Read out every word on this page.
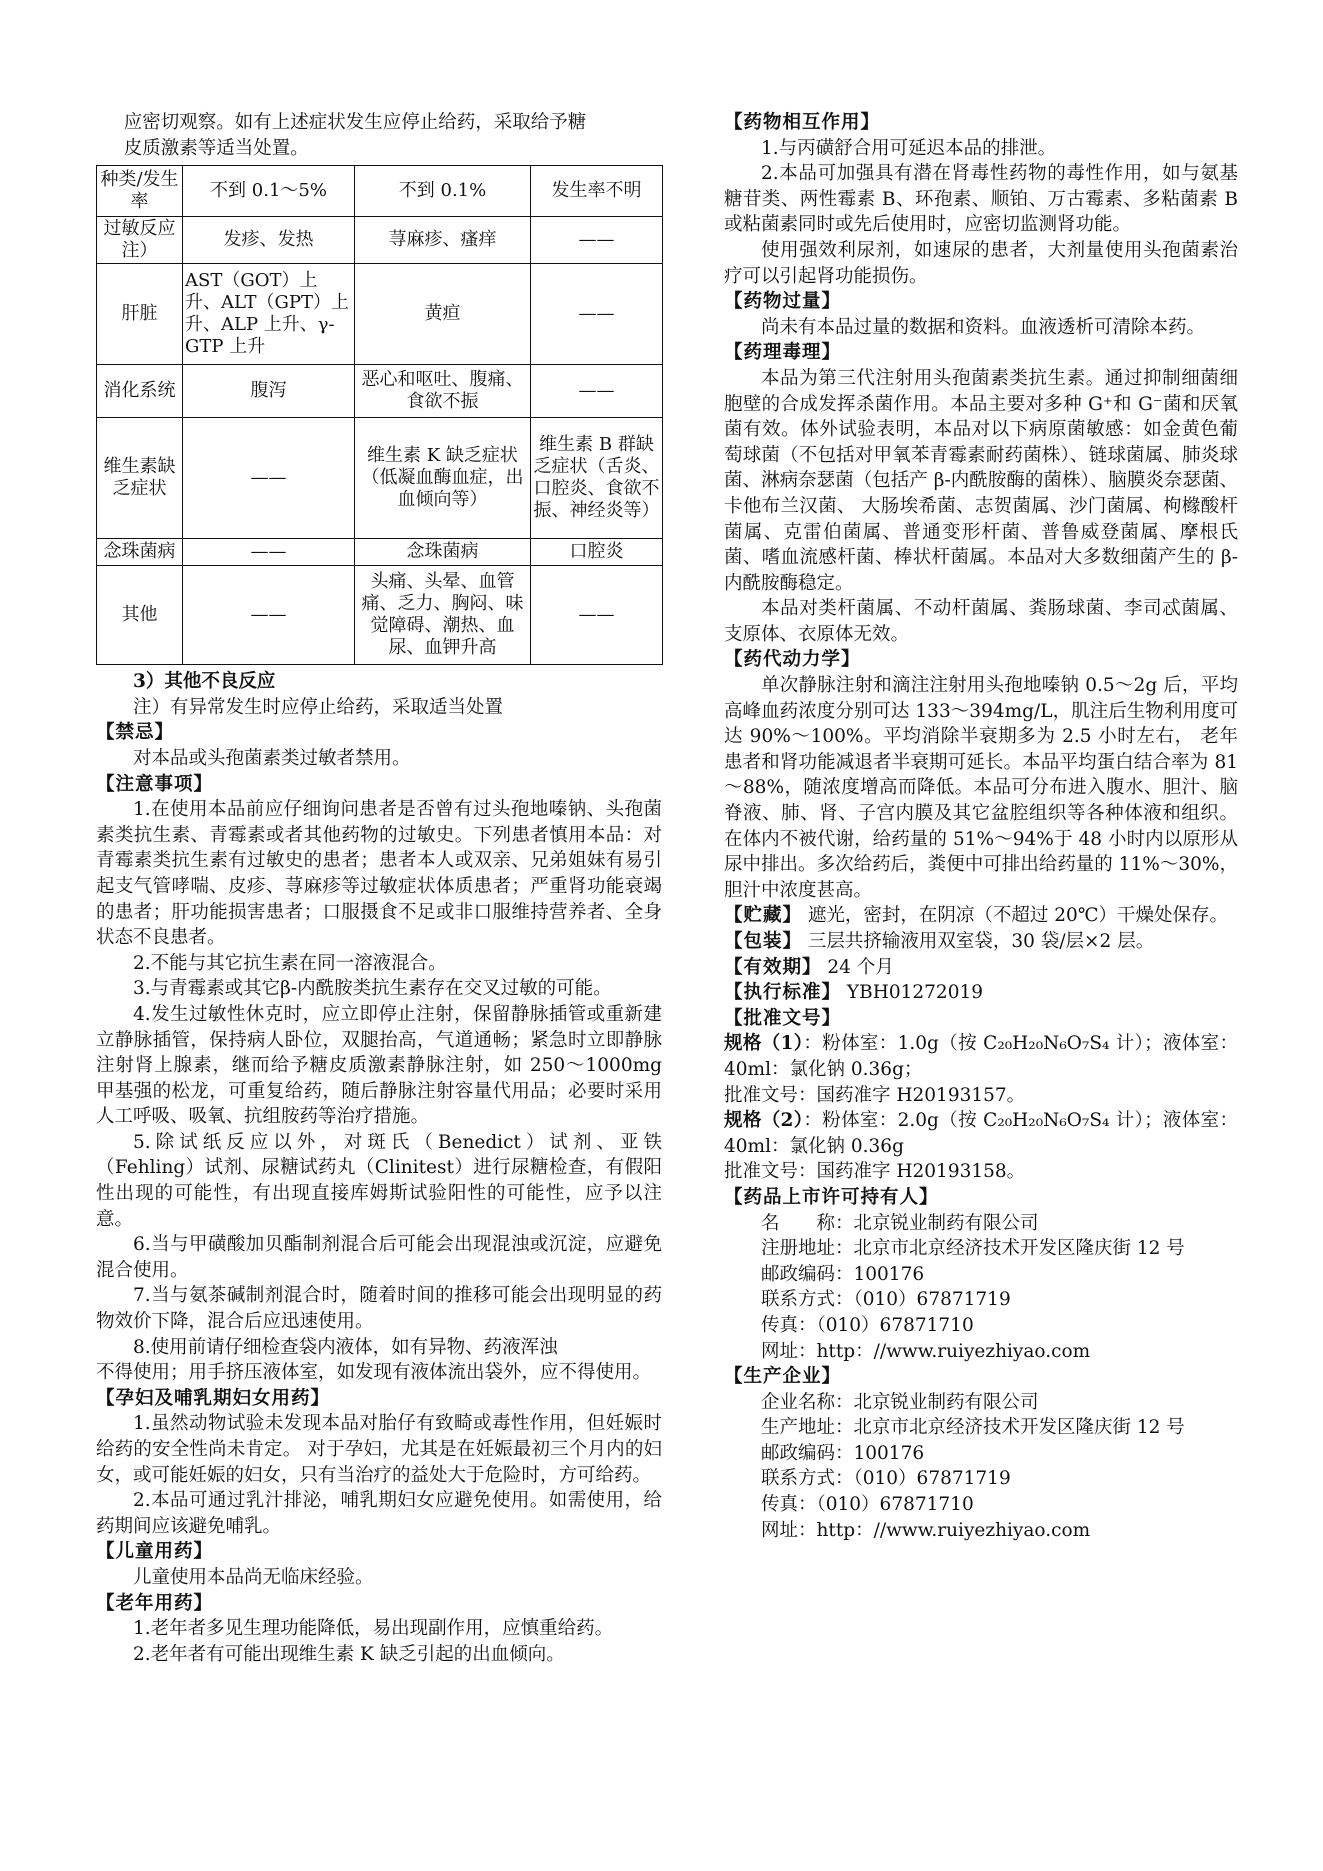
应密切观察。如有上述症状发生应停止给药，采取给予糖

皮质激素等适当处置。

种类/发生率	不到 0.1～5%	不到 0.1%	发生率不明
过敏反应注）	发疹、发热	荨麻疹、瘙痒	——
肝脏	AST（GOT）上升、ALT（GPT）上升、ALP 上升、γ-GTP 上升	黄疸	——
消化系统	腹泻	恶心和呕吐、腹痛、食欲不振	——
维生素缺乏症状	——	维生素 K 缺乏症状（低凝血酶血症，出血倾向等）	维生素 B 群缺乏症状（舌炎、口腔炎、食欲不振、神经炎等）
念珠菌病	——	念珠菌病	口腔炎
其他	——	头痛、头晕、血管痛、乏力、胸闷、味觉障碍、潮热、血尿、血钾升高	——

3）其他不良反应

注）有异常发生时应停止给药，采取适当处置

【禁忌】

对本品或头孢菌素类过敏者禁用。

【注意事项】

1.在使用本品前应仔细询问患者是否曾有过头孢地嗪钠、头孢菌素类抗生素、青霉素或者其他药物的过敏史。下列患者慎用本品：对青霉素类抗生素有过敏史的患者；患者本人或双亲、兄弟姐妹有易引起支气管哮喘、皮疹、荨麻疹等过敏症状体质患者；严重肾功能衰竭的患者；肝功能损害患者；口服摄食不足或非口服维持营养者、全身状态不良患者。

2.不能与其它抗生素在同一溶液混合。

3.与青霉素或其它β-内酰胺类抗生素存在交叉过敏的可能。

4.发生过敏性休克时，应立即停止注射，保留静脉插管或重新建立静脉插管，保持病人卧位，双腿抬高，气道通畅；紧急时立即静脉注射肾上腺素，继而给予糖皮质激素静脉注射，如 250～1000mg 甲基强的松龙，可重复给药，随后静脉注射容量代用品；必要时采用人工呼吸、吸氧、抗组胺药等治疗措施。

5.除试纸反应以外，对斑氏（Benedict）试剂、亚铁（Fehling）试剂、尿糖试药丸（Clinitest）进行尿糖检查，有假阳性出现的可能性，有出现直接库姆斯试验阳性的可能性，应予以注意。

6.当与甲磺酸加贝酯制剂混合后可能会出现混浊或沉淀，应避免混合使用。

7.当与氨茶碱制剂混合时，随着时间的推移可能会出现明显的药物效价下降，混合后应迅速使用。

8.使用前请仔细检查袋内液体，如有异物、药液浑浊

不得使用；用手挤压液体室，如发现有液体流出袋外，应不得使用。

【孕妇及哺乳期妇女用药】

1.虽然动物试验未发现本品对胎仔有致畸或毒性作用，但妊娠时给药的安全性尚未肯定。 对于孕妇，尤其是在妊娠最初三个月内的妇女，或可能妊娠的妇女，只有当治疗的益处大于危险时，方可给药。

2.本品可通过乳汁排泌，哺乳期妇女应避免使用。如需使用，给药期间应该避免哺乳。

【儿童用药】

儿童使用本品尚无临床经验。

【老年用药】

1.老年者多见生理功能降低，易出现副作用，应慎重给药。

2.老年者有可能出现维生素 K 缺乏引起的出血倾向。

【药物相互作用】

1.与丙磺舒合用可延迟本品的排泄。

2.本品可加强具有潜在肾毒性药物的毒性作用，如与氨基糖苷类、两性霉素 B、环孢素、顺铂、万古霉素、多粘菌素 B 或粘菌素同时或先后使用时，应密切监测肾功能。

使用强效利尿剂，如速尿的患者，大剂量使用头孢菌素治疗可以引起肾功能损伤。

【药物过量】

尚未有本品过量的数据和资料。血液透析可清除本药。

【药理毒理】

本品为第三代注射用头孢菌素类抗生素。通过抑制细菌细胞壁的合成发挥杀菌作用。本品主要对多种 G⁺和 G⁻菌和厌氧菌有效。体外试验表明，本品对以下病原菌敏感：如金黄色葡萄球菌（不包括对甲氧苯青霉素耐药菌株）、链球菌属、肺炎球菌、淋病奈瑟菌（包括产 β-内酰胺酶的菌株）、脑膜炎奈瑟菌、卡他布兰汉菌、 大肠埃希菌、志贺菌属、沙门菌属、枸橼酸杆菌属、克雷伯菌属、普通变形杆菌、普鲁威登菌属、摩根氏菌、嗜血流感杆菌、棒状杆菌属。本品对大多数细菌产生的 β-内酰胺酶稳定。

本品对类杆菌属、不动杆菌属、粪肠球菌、李司忒菌属、支原体、衣原体无效。

【药代动力学】

单次静脉注射和滴注注射用头孢地嗪钠 0.5～2g 后，平均高峰血药浓度分别可达 133～394mg/L，肌注后生物利用度可达 90%～100%。平均消除半衰期多为 2.5 小时左右， 老年患者和肾功能减退者半衰期可延长。本品平均蛋白结合率为 81～88%，随浓度增高而降低。本品可分布进入腹水、胆汁、脑脊液、肺、肾、子宫内膜及其它盆腔组织等各种体液和组织。在体内不被代谢，给药量的 51%～94%于 48 小时内以原形从尿中排出。多次给药后，粪便中可排出给药量的 11%～30%，胆汁中浓度甚高。

【贮藏】 遮光，密封，在阴凉（不超过 20℃）干燥处保存。

【包装】 三层共挤输液用双室袋，30 袋/层×2 层。

【有效期】 24 个月

【执行标准】 YBH01272019

【批准文号】

规格（1）：粉体室：1.0g（按 C₂₀H₂₀N₆O₇S₄ 计）；液体室：40ml：氯化钠 0.36g；

批准文号：国药准字 H20193157。

规格（2）：粉体室：2.0g（按 C₂₀H₂₀N₆O₇S₄ 计）；液体室：40ml：氯化钠 0.36g

批准文号：国药准字 H20193158。

【药品上市许可持有人】

名　　称：北京锐业制药有限公司

注册地址：北京市北京经济技术开发区隆庆街 12 号

邮政编码：100176

联系方式：（010）67871719

传真：（010）67871710

网址：http：//www.ruiyezhiyao.com

【生产企业】

企业名称：北京锐业制药有限公司

生产地址：北京市北京经济技术开发区隆庆街 12 号

邮政编码：100176

联系方式：（010）67871719

传真：（010）67871710

网址：http：//www.ruiyezhiyao.com
